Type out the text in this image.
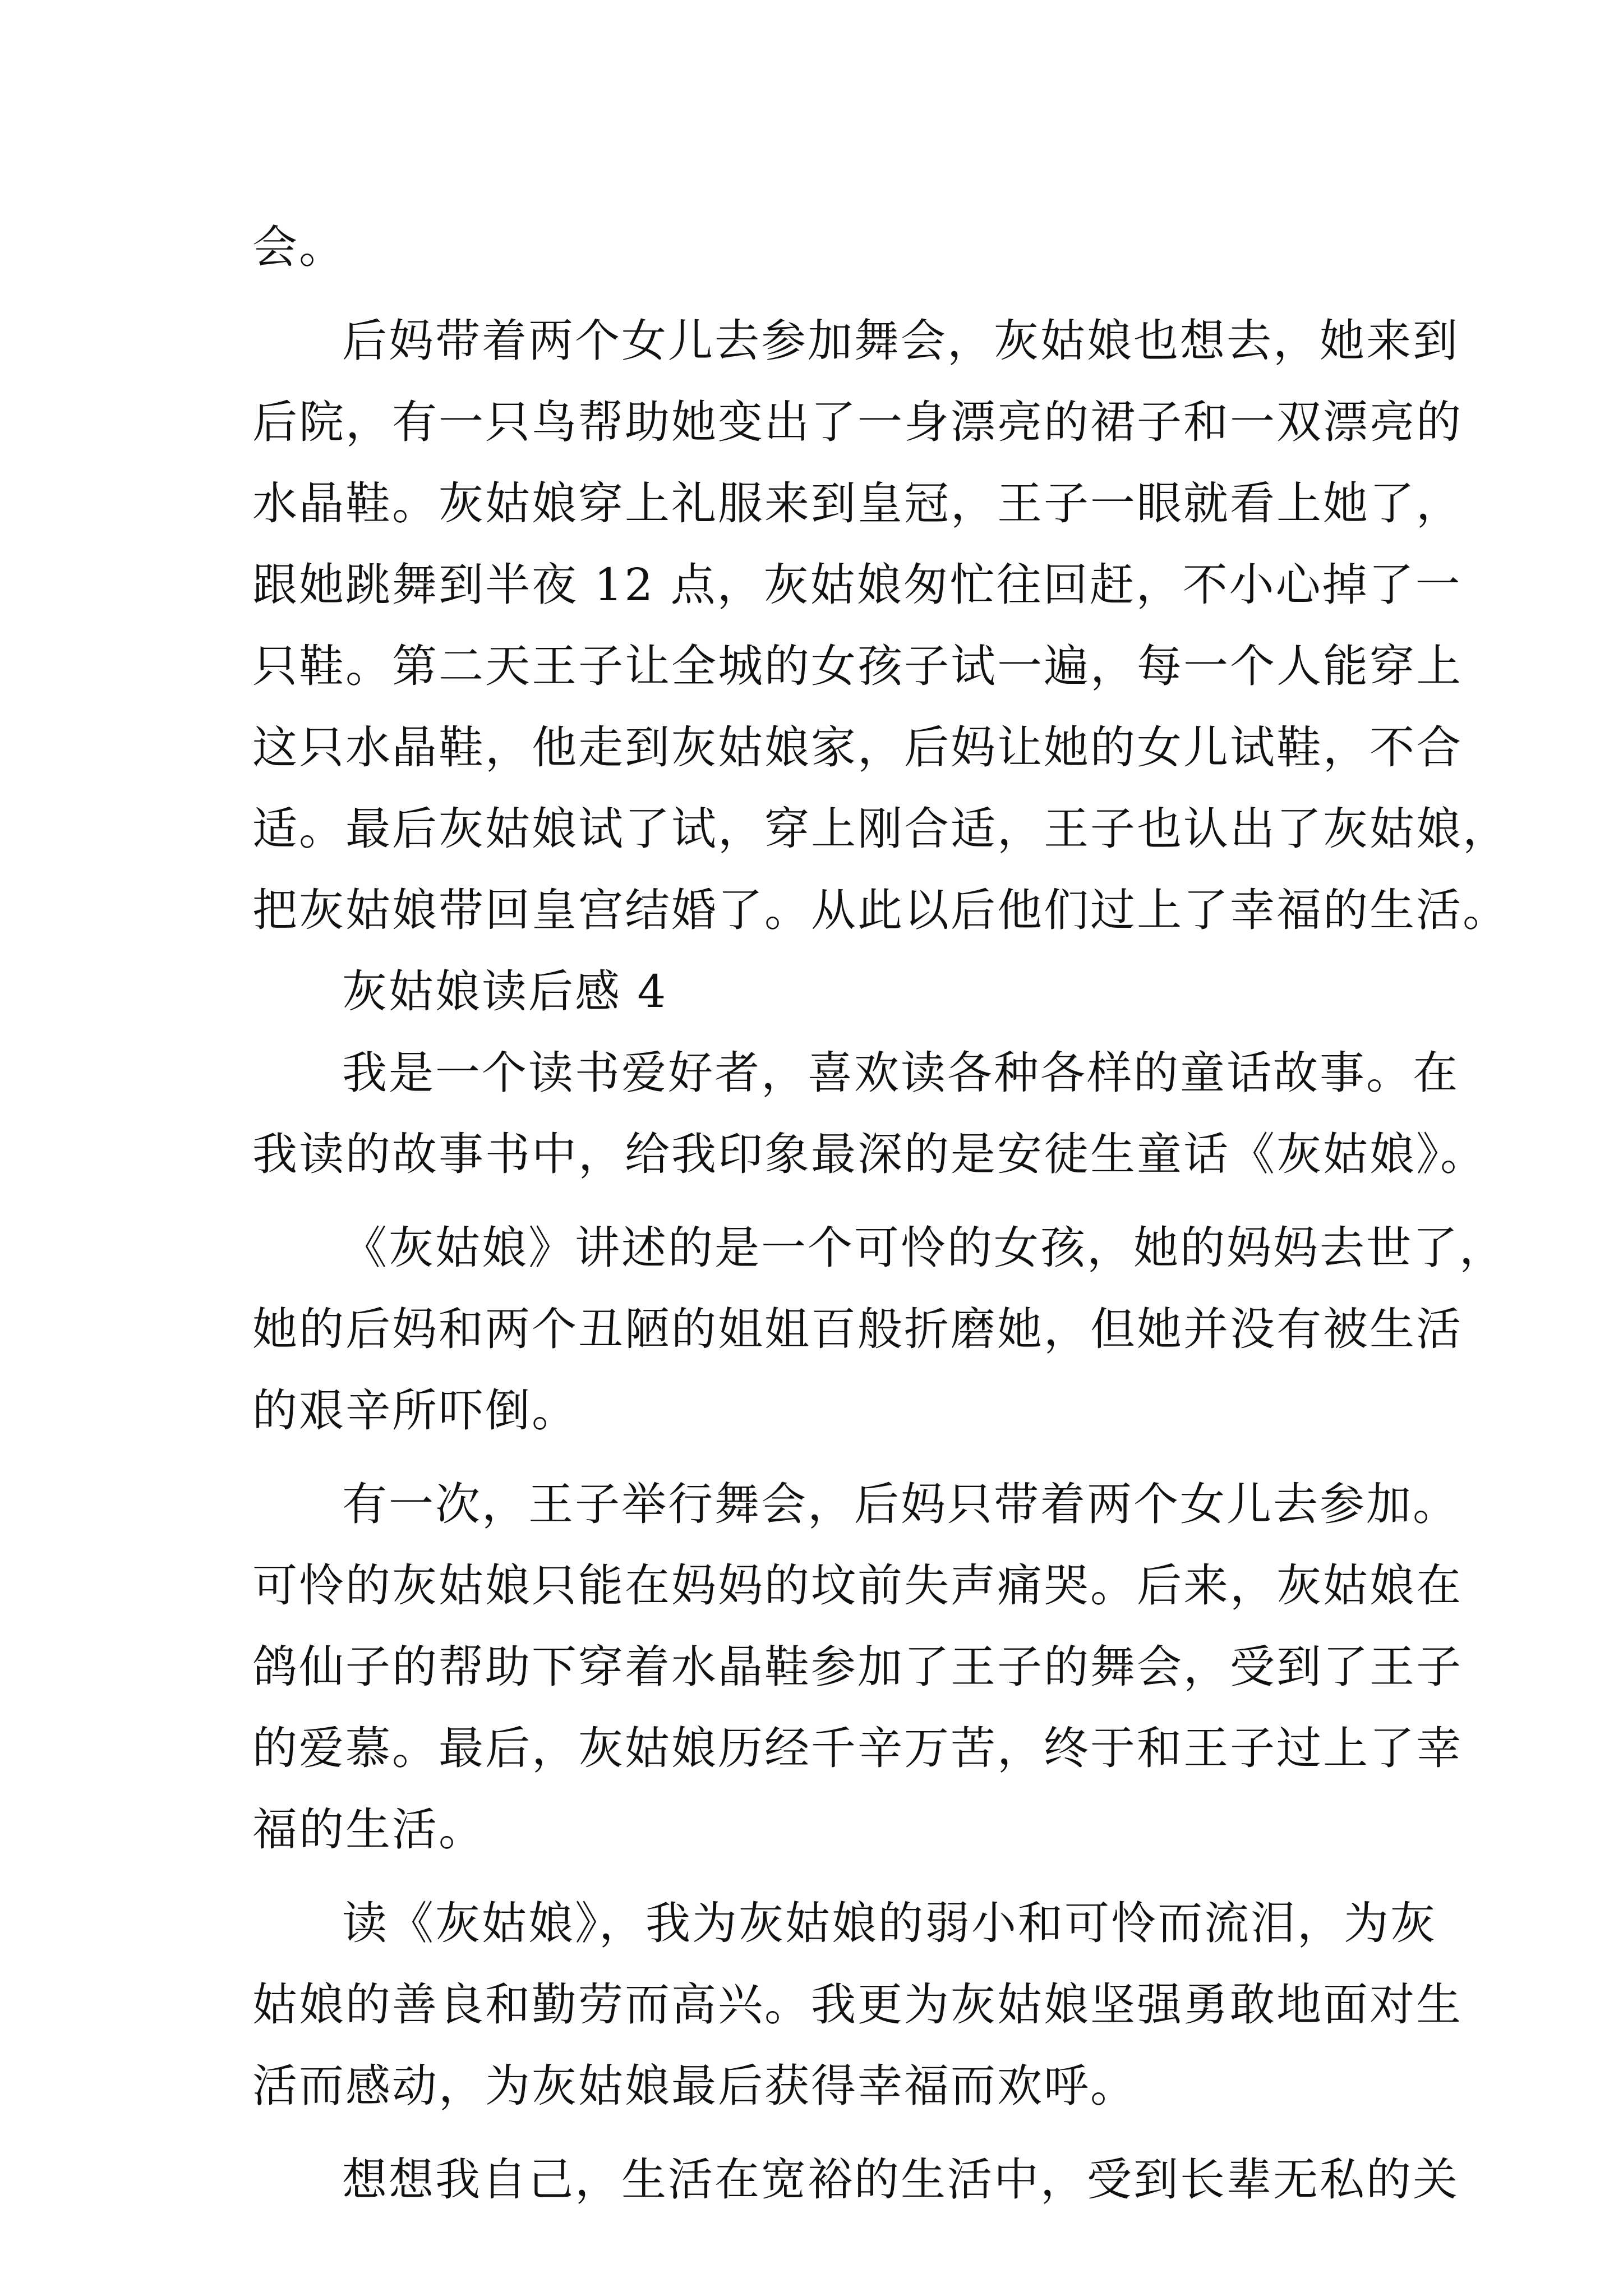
会。
后妈带着两个女儿去参加舞会，灰姑娘也想去，她来到
后院，有一只鸟帮助她变出了一身漂亮的裙子和一双漂亮的
水晶鞋。灰姑娘穿上礼服来到皇冠，王子一眼就看上她了，
跟她跳舞到半夜 12 点，灰姑娘匆忙往回赶，不小心掉了一
只鞋。第二天王子让全城的女孩子试一遍，每一个人能穿上
这只水晶鞋，他走到灰姑娘家，后妈让她的女儿试鞋，不合
适。最后灰姑娘试了试，穿上刚合适，王子也认出了灰姑娘，
把灰姑娘带回皇宫结婚了。从此以后他们过上了幸福的生活。
灰姑娘读后感 4
我是一个读书爱好者，喜欢读各种各样的童话故事。在
我读的故事书中，给我印象最深的是安徒生童话《灰姑娘》。
《灰姑娘》讲述的是一个可怜的女孩，她的妈妈去世了，
她的后妈和两个丑陋的姐姐百般折磨她，但她并没有被生活
的艰辛所吓倒。
有一次，王子举行舞会，后妈只带着两个女儿去参加。
可怜的灰姑娘只能在妈妈的坟前失声痛哭。后来，灰姑娘在
鸽仙子的帮助下穿着水晶鞋参加了王子的舞会，受到了王子
的爱慕。最后，灰姑娘历经千辛万苦，终于和王子过上了幸
福的生活。
读《灰姑娘》，我为灰姑娘的弱小和可怜而流泪，为灰
姑娘的善良和勤劳而高兴。我更为灰姑娘坚强勇敢地面对生
活而感动，为灰姑娘最后获得幸福而欢呼。
想想我自己，生活在宽裕的生活中，受到长辈无私的关
